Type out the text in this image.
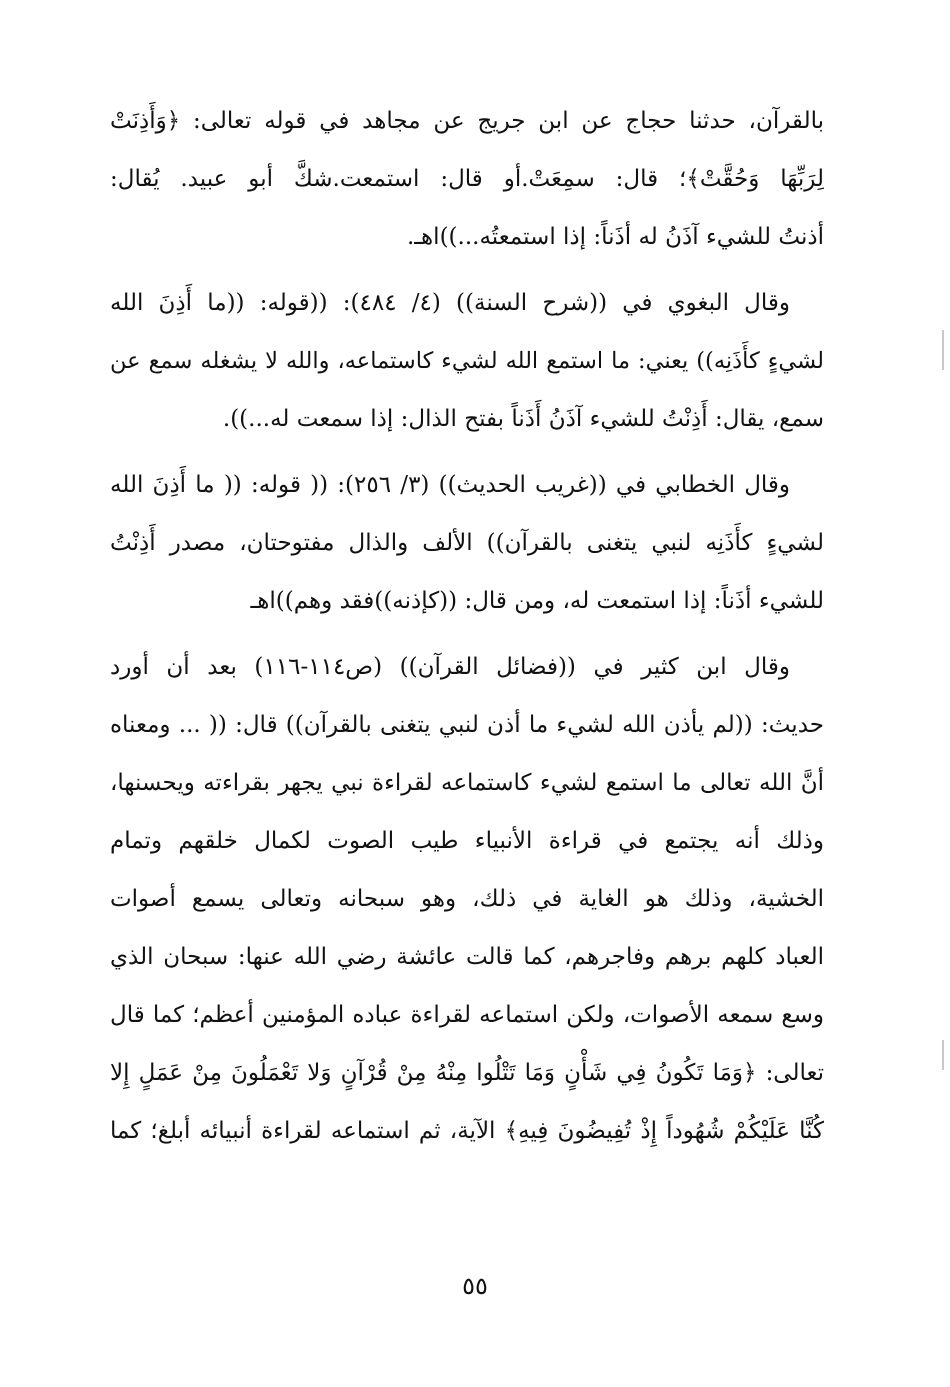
بالقرآن، حدثنا حجاج عن ابن جريج عن مجاهد في قوله تعالى: ﴿وَأَذِنَتْ
لِرَبِّهَا وَحُقَّتْ﴾؛ قال: سمِعَتْ.أو قال: استمعت.شكَّ أبو عبيد. يُقال:
أذنتُ للشيء آذَنُ له أذَناً: إذا استمعتُه...))اهـ.
وقال البغوي في ((شرح السنة)) (٤/ ٤٨٤): ((قوله: ((ما أَذِنَ الله
لشيءٍ كأَذَنِه)) يعني: ما استمع الله لشيء كاستماعه، والله لا يشغله سمع عن
سمع، يقال: أَذِنْتُ للشيء آذَنُ أَذَناً بفتح الذال: إذا سمعت له...)).
وقال الخطابي في ((غريب الحديث)) (٣/ ٢٥٦): (( قوله: (( ما أَذِنَ الله
لشيءٍ كأَذَنِه لنبي يتغنى بالقرآن)) الألف والذال مفتوحتان، مصدر أَذِنْتُ
للشيء أذَناً: إذا استمعت له، ومن قال: ((كإذنه))فقد وهم))اهـ
وقال ابن كثير في ((فضائل القرآن)) (ص١١٤-١١٦) بعد أن أورد
حديث: ((لم يأذن الله لشيء ما أذن لنبي يتغنى بالقرآن)) قال: (( ... ومعناه
أنَّ الله تعالى ما استمع لشيء كاستماعه لقراءة نبي يجهر بقراءته ويحسنها،
وذلك أنه يجتمع في قراءة الأنبياء طيب الصوت لكمال خلقهم وتمام
الخشية، وذلك هو الغاية في ذلك، وهو سبحانه وتعالى يسمع أصوات
العباد كلهم برهم وفاجرهم، كما قالت عائشة رضي الله عنها: سبحان الذي
وسع سمعه الأصوات، ولكن استماعه لقراءة عباده المؤمنين أعظم؛ كما قال
تعالى: ﴿وَمَا تَكُونُ فِي شَأْنٍ وَمَا تَتْلُوا مِنْهُ مِنْ قُرْآنٍ وَلا تَعْمَلُونَ مِنْ عَمَلٍ إِلا
كُنَّا عَلَيْكُمْ شُهُوداً إِذْ تُفِيضُونَ فِيهِ﴾ الآية، ثم استماعه لقراءة أنبيائه أبلغ؛ كما
٥٥
